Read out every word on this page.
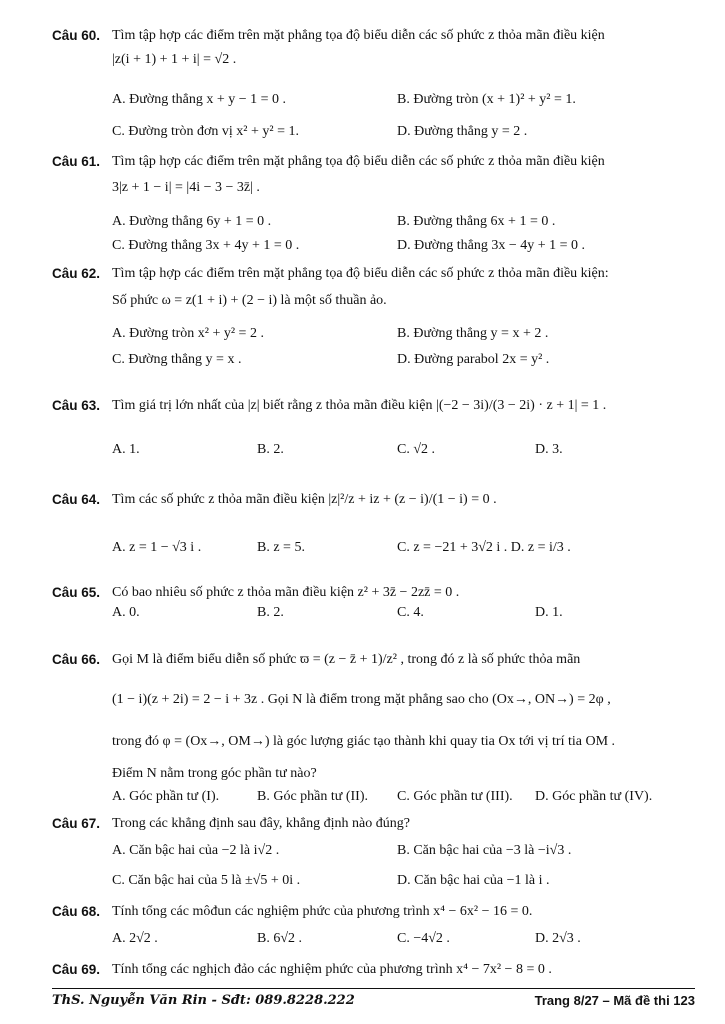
Câu 60. Tìm tập hợp các điểm trên mặt phẳng tọa độ biểu diễn các số phức z thỏa mãn điều kiện
|z(i + 1) + 1 + i| = √2 .
A. Đường thẳng x + y − 1 = 0 .	B. Đường tròn (x + 1)² + y² = 1.
C. Đường tròn đơn vị x² + y² = 1.	D. Đường thẳng y = 2 .
Câu 61. Tìm tập hợp các điểm trên mặt phẳng tọa độ biểu diễn các số phức z thỏa mãn điều kiện
3|z + 1 − i| = |4i − 3 − 3z̄| .
A. Đường thẳng 6y + 1 = 0 .	B. Đường thẳng 6x + 1 = 0 .
C. Đường thẳng 3x + 4y + 1 = 0 .	D. Đường thẳng 3x − 4y + 1 = 0 .
Câu 62. Tìm tập hợp các điểm trên mặt phẳng tọa độ biểu diễn các số phức z thỏa mãn điều kiện:
Số phức ω = z(1 + i) + (2 − i) là một số thuần ảo.
A. Đường tròn x² + y² = 2 .	B. Đường thẳng y = x + 2 .
C. Đường thẳng y = x .	D. Đường parabol 2x = y² .
Câu 63. Tìm giá trị lớn nhất của |z| biết rằng z thỏa mãn điều kiện |(−2 − 3i)/(3 − 2i) · z + 1| = 1 .
A. 1.	B. 2.	C. √2 .	D. 3.
Câu 64. Tìm các số phức z thỏa mãn điều kiện |z|²/z + iz + (z − i)/(1 − i) = 0 .
A. z = 1 − √3 i .	B. z = 5.	C. z = −21 + 3√2 i . D. z = i/3 .
Câu 65. Có bao nhiêu số phức z thỏa mãn điều kiện z² + 3z̄ − 2zz̄ = 0 .
A. 0.	B. 2.	C. 4.	D. 1.
Câu 66. Gọi M là điểm biểu diễn số phức ϖ = (z − z̄ + 1)/z² , trong đó z là số phức thỏa mãn
(1 − i)(z + 2i) = 2 − i + 3z . Gọi N là điểm trong mặt phẳng sao cho (Ox→, ON→) = 2φ ,
trong đó φ = (Ox→, OM→) là góc lượng giác tạo thành khi quay tia Ox tới vị trí tia OM .
Điểm N nằm trong góc phần tư nào?
A. Góc phần tư (I).	B. Góc phần tư (II). C. Góc phần tư (III). D. Góc phần tư (IV).
Câu 67. Trong các khẳng định sau đây, khẳng định nào đúng?
A. Căn bậc hai của −2 là i√2 .	B. Căn bậc hai của −3 là −i√3 .
C. Căn bậc hai của 5 là ±√5 + 0i .	D. Căn bậc hai của −1 là i .
Câu 68. Tính tổng các môđun các nghiệm phức của phương trình x⁴ − 6x² − 16 = 0.
A. 2√2 .	B. 6√2 .	C. −4√2 .	D. 2√3 .
Câu 69. Tính tổng các nghịch đảo các nghiệm phức của phương trình x⁴ − 7x² − 8 = 0 .
ThS. Nguyễn Văn Rin - Sđt: 089.8228.222	Trang 8/27 – Mã đề thi 123
